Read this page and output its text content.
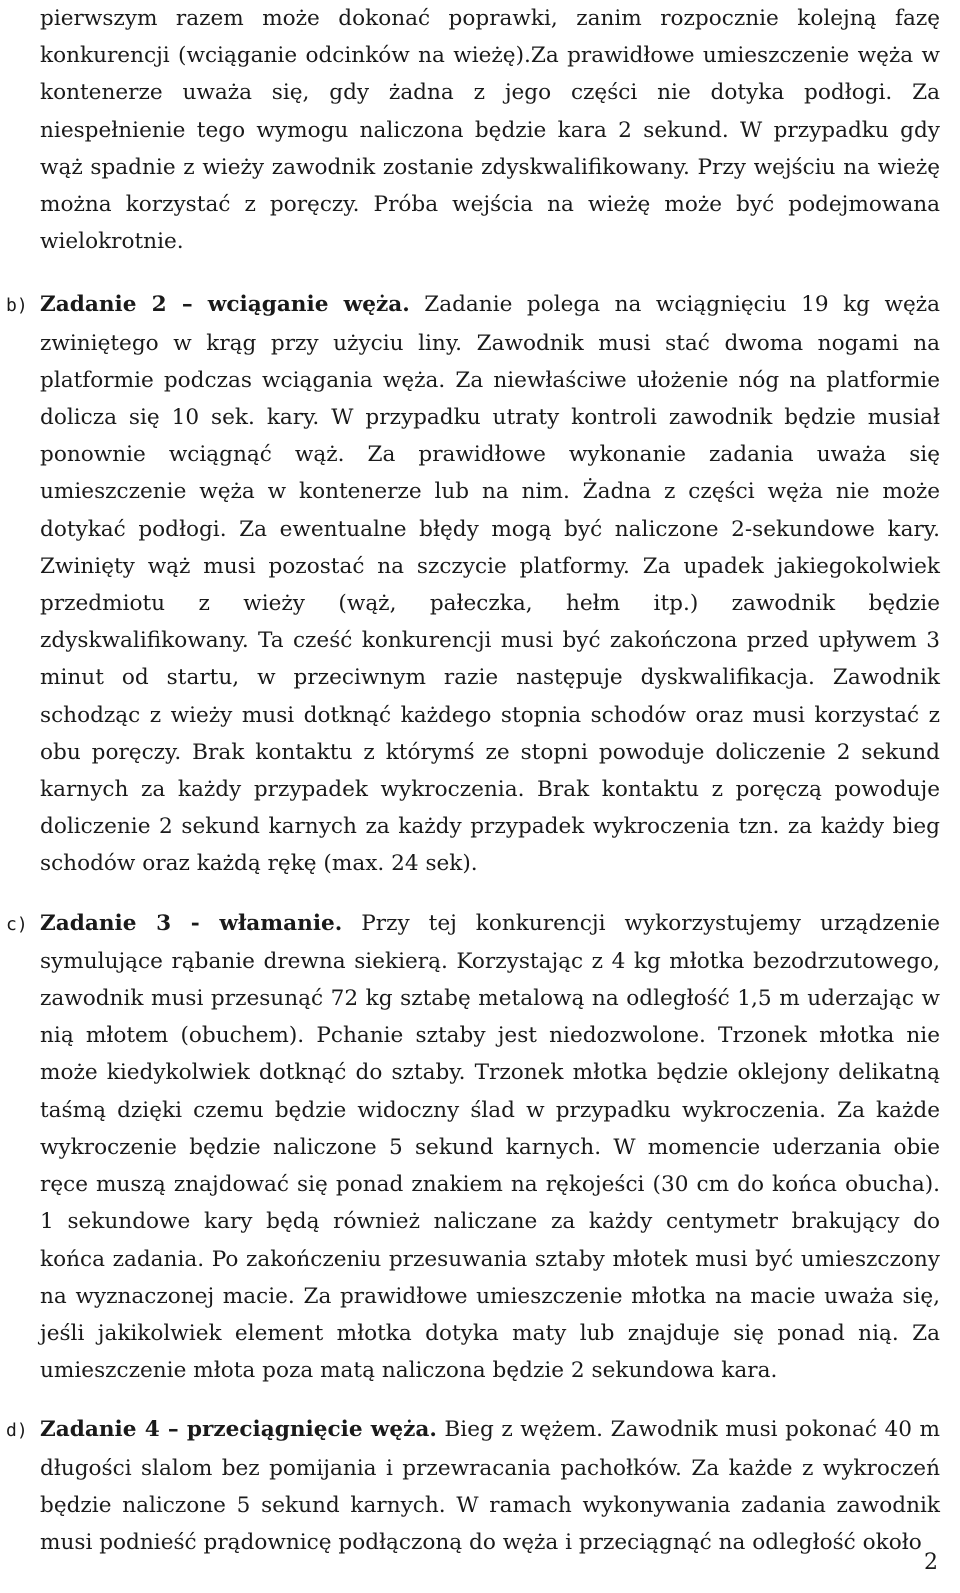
pierwszym razem może dokonać poprawki, zanim rozpocznie kolejną fazę konkurencji (wciąganie odcinków na wieżę).Za prawidłowe umieszczenie węża w kontenerze uważa się, gdy żadna z jego części nie dotyka podłogi. Za niespełnienie tego wymogu naliczona będzie kara 2 sekund. W przypadku gdy wąż spadnie z wieży zawodnik zostanie zdyskwalifikowany. Przy wejściu na wieżę można korzystać z poręczy. Próba wejścia na wieżę może być podejmowana wielokrotnie.

b) Zadanie 2 – wciąganie węża. Zadanie polega na wciągnięciu 19 kg węża zwiniętego w krąg przy użyciu liny. Zawodnik musi stać dwoma nogami na platformie podczas wciągania węża. Za niewłaściwe ułożenie nóg na platformie dolicza się 10 sek. kary. W przypadku utraty kontroli zawodnik będzie musiał ponownie wciągnąć wąż. Za prawidłowe wykonanie zadania uważa się umieszczenie węża w kontenerze lub na nim. Żadna z części węża nie może dotykać podłogi. Za ewentualne błędy mogą być naliczone 2-sekundowe kary. Zwinięty wąż musi pozostać na szczycie platformy. Za upadek jakiegokolwiek przedmiotu z wieży (wąż, pałeczka, hełm itp.) zawodnik będzie zdyskwalifikowany. Ta cześć konkurencji musi być zakończona przed upływem 3 minut od startu, w przeciwnym razie następuje dyskwalifikacja. Zawodnik schodząc z wieży musi dotknąć każdego stopnia schodów oraz musi korzystać z obu poręczy. Brak kontaktu z którymś ze stopni powoduje doliczenie 2 sekund karnych za każdy przypadek wykroczenia. Brak kontaktu z poręczą powoduje doliczenie 2 sekund karnych za każdy przypadek wykroczenia tzn. za każdy bieg schodów oraz każdą rękę (max. 24 sek).

c) Zadanie 3 - włamanie. Przy tej konkurencji wykorzystujemy urządzenie symulujące rąbanie drewna siekierą. Korzystając z 4 kg młotka bezodrzutowego, zawodnik musi przesunąć 72 kg sztabę metalową na odległość 1,5 m uderzając w nią młotem (obuchem). Pchanie sztaby jest niedozwolone. Trzonek młotka nie może kiedykolwiek dotknąć do sztaby. Trzonek młotka będzie oklejony delikatną taśmą dzięki czemu będzie widoczny ślad w przypadku wykroczenia. Za każde wykroczenie będzie naliczone 5 sekund karnych. W momencie uderzania obie ręce muszą znajdować się ponad znakiem na rękojeści (30 cm do końca obucha). 1 sekundowe kary będą również naliczane za każdy centymetr brakujący do końca zadania. Po zakończeniu przesuwania sztaby młotek musi być umieszczony na wyznaczonej macie. Za prawidłowe umieszczenie młotka na macie uważa się, jeśli jakikolwiek element młotka dotyka maty lub znajduje się ponad nią. Za umieszczenie młota poza matą naliczona będzie 2 sekundowa kara.

d) Zadanie 4 – przeciągnięcie węża. Bieg z wężem. Zawodnik musi pokonać 40 m długości slalom bez pomijania i przewracania pachołków. Za każde z wykroczeń będzie naliczone 5 sekund karnych. W ramach wykonywania zadania zawodnik musi podnieść prądownicę podłączoną do węża i przeciągnąć na odległość około

2
